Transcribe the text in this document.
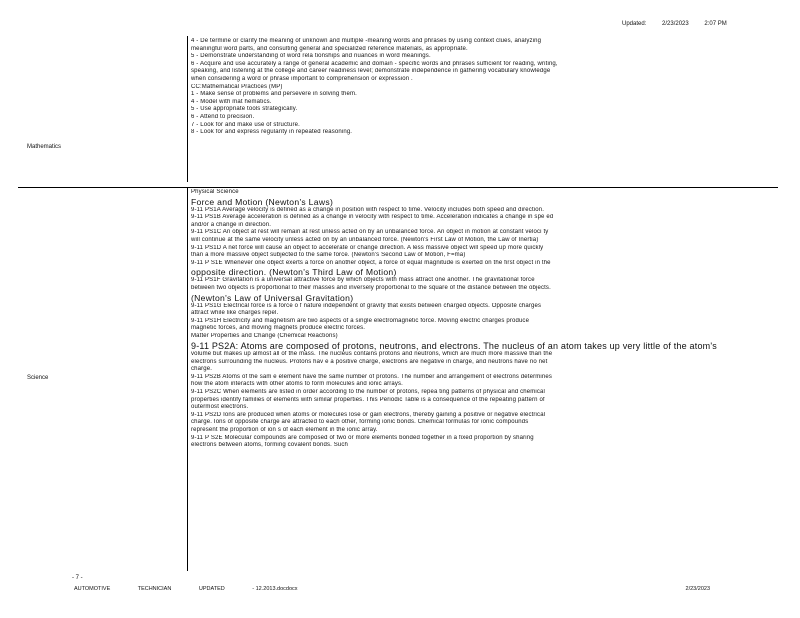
Updated:	2/23/2023	2:07 PM
Mathematics
4 - De termine or clarify the meaning of unknown and multiple -meaning words and phrases by using context clues, analyzing
meaningful word parts, and consulting general and specialized reference materials, as appropriate.
5 - Demonstrate understanding of word rela tionships and nuances in word meanings.
6 - Acquire and use accurately a range of general academic and domain - specific words and phrases sufficient for reading, writing,
speaking, and listening at the college and career readiness level; demonstrate independence in gathering vocabulary knowledge
when considering a word or phrase important to comprehension or expression .
CC:Mathematical Practices (MP)
1 - Make sense of problems and persevere in solving them.
4 - Model with mat hematics.
5 - Use appropriate tools strategically.
6 - Attend to precision.
7 - Look for and make use of structure.
8 - Look for and express regularity in repeated reasoning.
Science
Physical Science
Force and Motion (Newton's Laws)
9-11 PS1A Average velocity is defined as a change in position with respect to time. Velocity includes both speed and direction.
9-11 PS1B Average acceleration is defined as a change in velocity with respect to time. Acceleration indicates a change in spe ed
and/or a change in direction.
9-11 PS1C An object at rest will remain at rest unless acted on by an unbalanced force. An object in motion at constant veloci ty
will continue at the same velocity unless acted on by an unbalanced force. (Newton's First Law of Motion, the Law of Inertia)
9-11 PS1D A net force will cause an object to accelerate or change direction. A less massive object will speed up more quickly
than a more massive object subjected to the same force. (Newton's Second Law of Motion, F=ma)
9-11 P S1E Whenever one object exerts a force on another object, a force of equal magnitude is exerted on the first object in the
opposite direction. (Newton's Third Law of Motion)
9-11 PS1F Gravitation is a universal attractive force by which objects with mass attract one another. The gravitational force
between two objects is proportional to their masses and inversely proportional to the square of the distance between the objects.
(Newton's Law of Universal Gravitation)
9-11 PS1G Electrical force is a force o f nature independent of gravity that exists between charged objects. Opposite charges
attract while like charges repel.
9-11 PS1H Electricity and magnetism are two aspects of a single electromagnetic force. Moving electric charges produce
magnetic forces, and moving magnets produce electric forces.
Matter Properties and Change (Chemical Reactions)
9-11 PS2A: Atoms are composed of protons, neutrons, and electrons. The nucleus of an atom takes up very little of the atom's
volume but makes up almost all of the mass. The nucleus contains protons and neutrons, which are much more massive than the
electrons surrounding the nucleus. Protons hav e a positive charge, electrons are negative in charge, and neutrons have no net
charge.
9-11 PS2B Atoms of the sam e element have the same number of protons. The number and arrangement of electrons determines
how the atom interacts with other atoms to form molecules and ionic arrays.
9-11 PS2C When elements are listed in order according to the number of protons, repea ting patterns of physical and chemical
properties identify families of elements with similar properties. This Periodic Table is a consequence of the repeating pattern of
outermost electrons.
9-11 PS2D Ions are produced when atoms or molecules lose or gain electrons, thereby gaining a positive or negative electrical
charge. Ions of opposite charge are attracted to each other, forming ionic bonds. Chemical formulas for ionic compounds
represent the proportion of ion s of each element in the ionic array.
9-11 P S2E Molecular compounds are composed of two or more elements bonded together in a fixed proportion by sharing
electrons between atoms, forming covalent bonds. Such
- 7 -
AUTOMOTIVE	TECHNICIAN	UPDATED	- 12.2013.docdocx	2/23/2023
